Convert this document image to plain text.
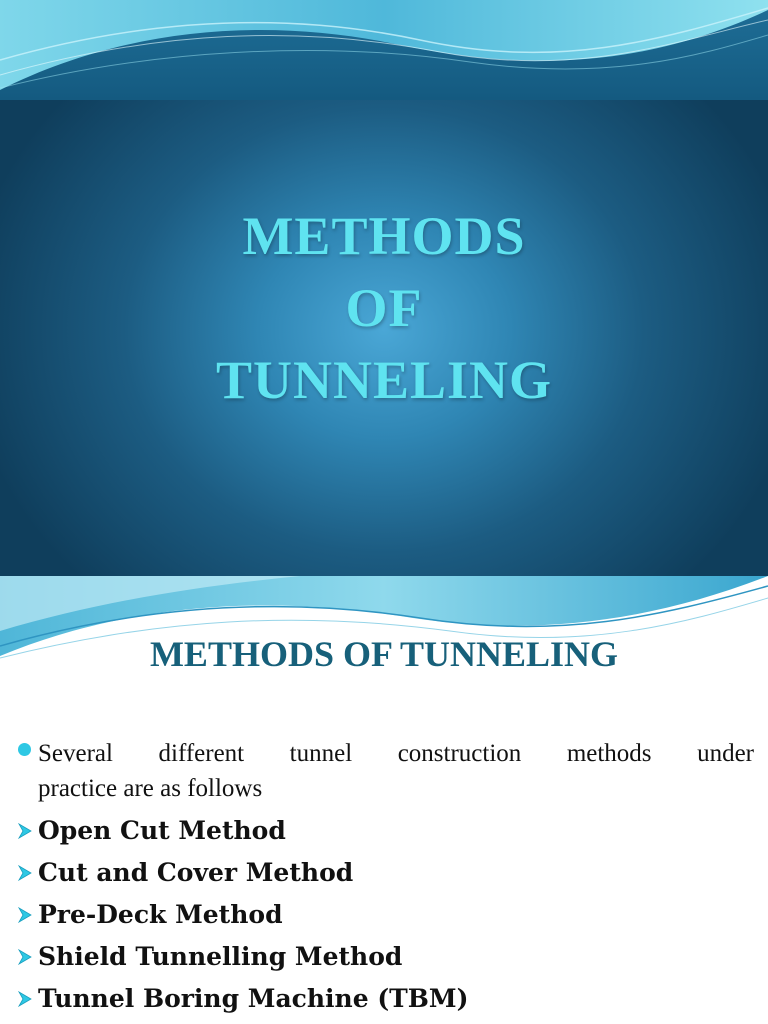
METHODS
OF
TUNNELING
METHODS OF TUNNELING
Several different tunnel construction methods under
practice are as follows
Open Cut Method
Cut and Cover Method
Pre-Deck Method
Shield Tunnelling Method
Tunnel Boring Machine (TBM)
